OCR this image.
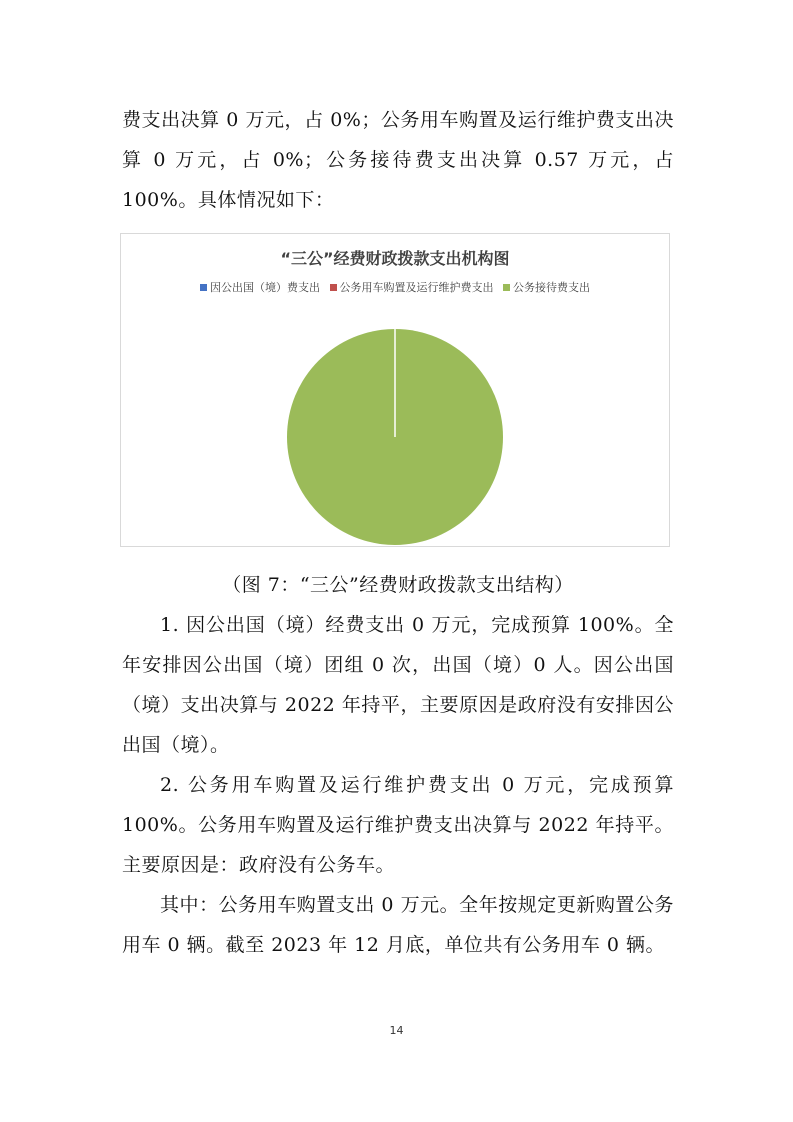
费支出决算 0 万元，占 0%；公务用车购置及运行维护费支出决算 0 万元，占 0%；公务接待费支出决算 0.57 万元，占 100%。具体情况如下：

“三公”经费财政拨款支出机构图
因公出国（境）费支出 公务用车购置及运行维护费支出 公务接待费支出
（图 7：“三公”经费财政拨款支出结构）

1. 因公出国（境）经费支出 0 万元，完成预算 100%。全年安排因公出国（境）团组 0 次，出国（境）0 人。因公出国（境）支出决算与 2022 年持平，主要原因是政府没有安排因公出国（境）。

2. 公务用车购置及运行维护费支出 0 万元，完成预算 100%。公务用车购置及运行维护费支出决算与 2022 年持平。主要原因是：政府没有公务车。

其中：公务用车购置支出 0 万元。全年按规定更新购置公务用车 0 辆。截至 2023 年 12 月底，单位共有公务用车 0 辆。

14
